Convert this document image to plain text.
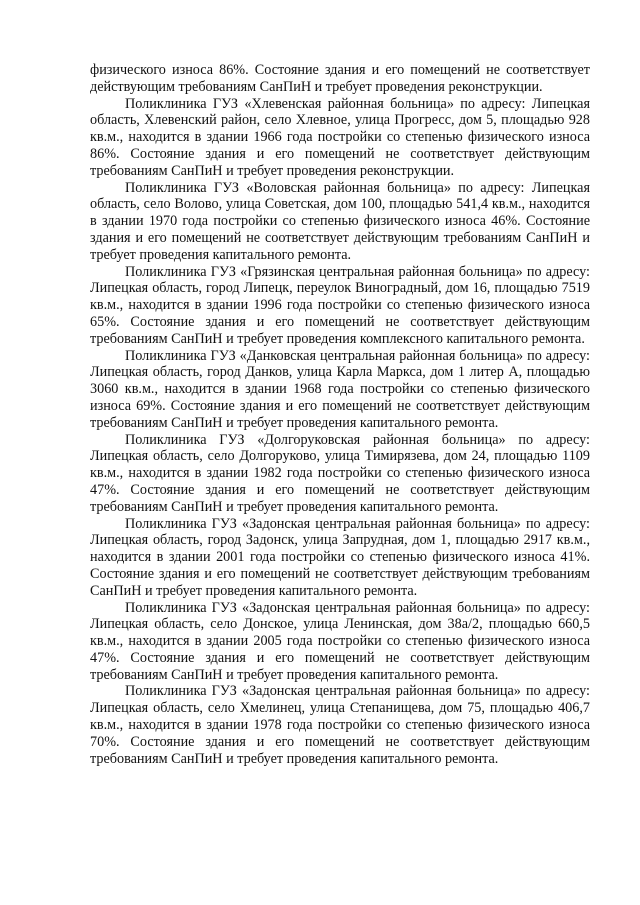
физического износа 86%. Состояние здания и его помещений не соответствует действующим требованиям СанПиН и требует проведения реконструкции.

Поликлиника ГУЗ «Хлевенская районная больница» по адресу: Липецкая область, Хлевенский район, село Хлевное, улица Прогресс, дом 5, площадью 928 кв.м., находится в здании 1966 года постройки со степенью физического износа 86%. Состояние здания и его помещений не соответствует действующим требованиям СанПиН и требует проведения реконструкции.

Поликлиника ГУЗ «Воловская районная больница» по адресу: Липецкая область, село Волово, улица Советская, дом 100, площадью 541,4 кв.м., находится в здании 1970 года постройки со степенью физического износа 46%. Состояние здания и его помещений не соответствует действующим требованиям СанПиН и требует проведения капитального ремонта.

Поликлиника ГУЗ «Грязинская центральная районная больница» по адресу: Липецкая область, город Липецк, переулок Виноградный, дом 16, площадью 7519 кв.м., находится в здании 1996 года постройки со степенью физического износа 65%. Состояние здания и его помещений не соответствует действующим требованиям СанПиН и требует проведения комплексного капитального ремонта.

Поликлиника ГУЗ «Данковская центральная районная больница» по адресу: Липецкая область, город Данков, улица Карла Маркса, дом 1 литер А, площадью 3060 кв.м., находится в здании 1968 года постройки со степенью физического износа 69%. Состояние здания и его помещений не соответствует действующим требованиям СанПиН и требует проведения капитального ремонта.

Поликлиника ГУЗ «Долгоруковская районная больница» по адресу: Липецкая область, село Долгоруково, улица Тимирязева, дом 24, площадью 1109 кв.м., находится в здании 1982 года постройки со степенью физического износа 47%. Состояние здания и его помещений не соответствует действующим требованиям СанПиН и требует проведения капитального ремонта.

Поликлиника ГУЗ «Задонская центральная районная больница» по адресу: Липецкая область, город Задонск, улица Запрудная, дом 1, площадью 2917 кв.м., находится в здании 2001 года постройки со степенью физического износа 41%. Состояние здания и его помещений не соответствует действующим требованиям СанПиН и требует проведения капитального ремонта.

Поликлиника ГУЗ «Задонская центральная районная больница» по адресу: Липецкая область, село Донское, улица Ленинская, дом 38а/2, площадью 660,5 кв.м., находится в здании 2005 года постройки со степенью физического износа 47%. Состояние здания и его помещений не соответствует действующим требованиям СанПиН и требует проведения капитального ремонта.

Поликлиника ГУЗ «Задонская центральная районная больница» по адресу: Липецкая область, село Хмелинец, улица Степанищева, дом 75, площадью 406,7 кв.м., находится в здании 1978 года постройки со степенью физического износа 70%. Состояние здания и его помещений не соответствует действующим требованиям СанПиН и требует проведения капитального ремонта.
